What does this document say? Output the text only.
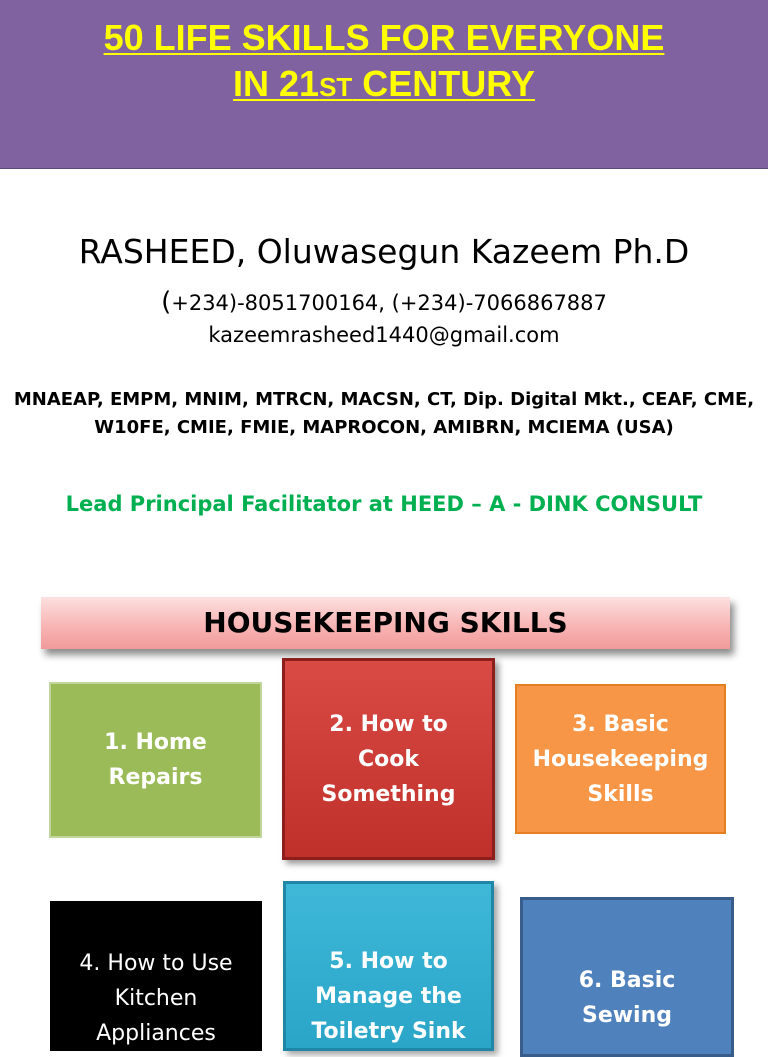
50 LIFE SKILLS FOR EVERYONE
IN 21ST CENTURY
RASHEED, Oluwasegun Kazeem Ph.D
(+234)-8051700164, (+234)-7066867887
kazeemrasheed1440@gmail.com
MNAEAP, EMPM, MNIM, MTRCN, MACSN, CT, Dip. Digital Mkt., CEAF, CME,
W10FE, CMIE, FMIE, MAPROCON, AMIBRN, MCIEMA (USA)
Lead Principal Facilitator at HEED – A - DINK CONSULT
HOUSEKEEPING SKILLS
1. Home
Repairs
2. How to
Cook
Something
3. Basic
Housekeeping
Skills
4. How to Use
Kitchen
Appliances
5. How to
Manage the
Toiletry Sink
6. Basic
Sewing
